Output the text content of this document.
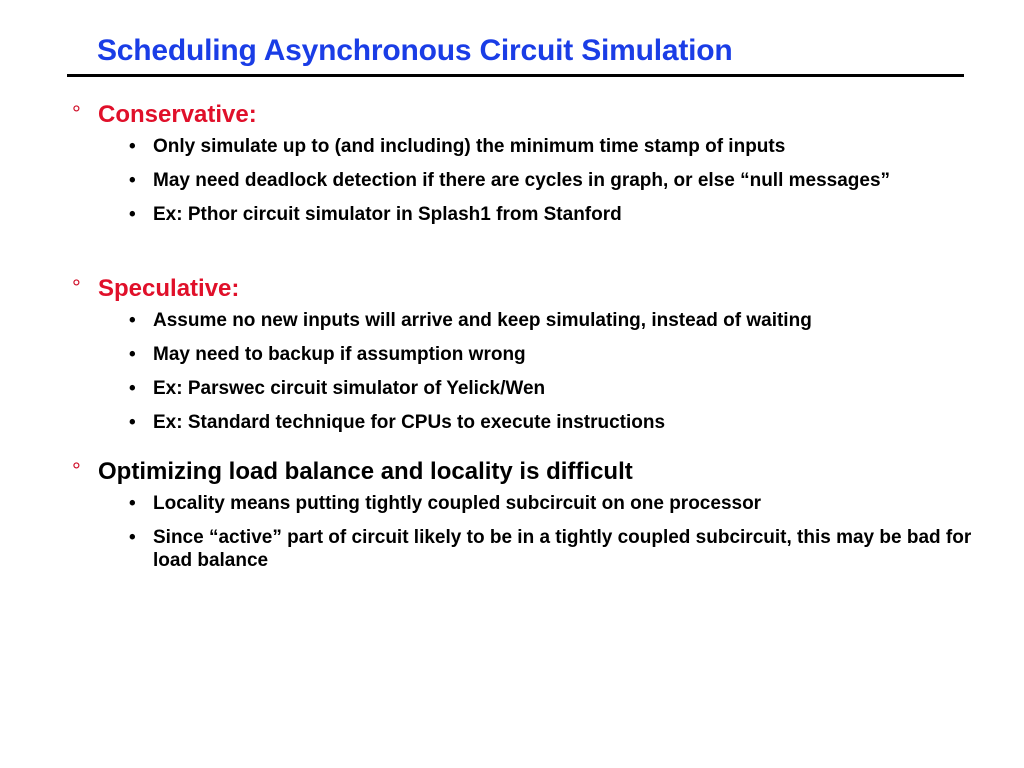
Scheduling Asynchronous Circuit Simulation
° Conservative:
• Only simulate up to (and including) the minimum time stamp of inputs
• May need deadlock detection if there are cycles in graph, or else “null messages”
• Ex: Pthor circuit simulator in Splash1 from Stanford
° Speculative:
• Assume no new inputs will arrive and keep simulating, instead of waiting
• May need to backup if assumption wrong
• Ex: Parswec circuit simulator of Yelick/Wen
• Ex: Standard technique for CPUs to execute instructions
° Optimizing load balance and locality is difficult
• Locality means putting tightly coupled subcircuit on one processor
• Since “active” part of circuit likely to be in a tightly coupled subcircuit, this may be bad for load balance
